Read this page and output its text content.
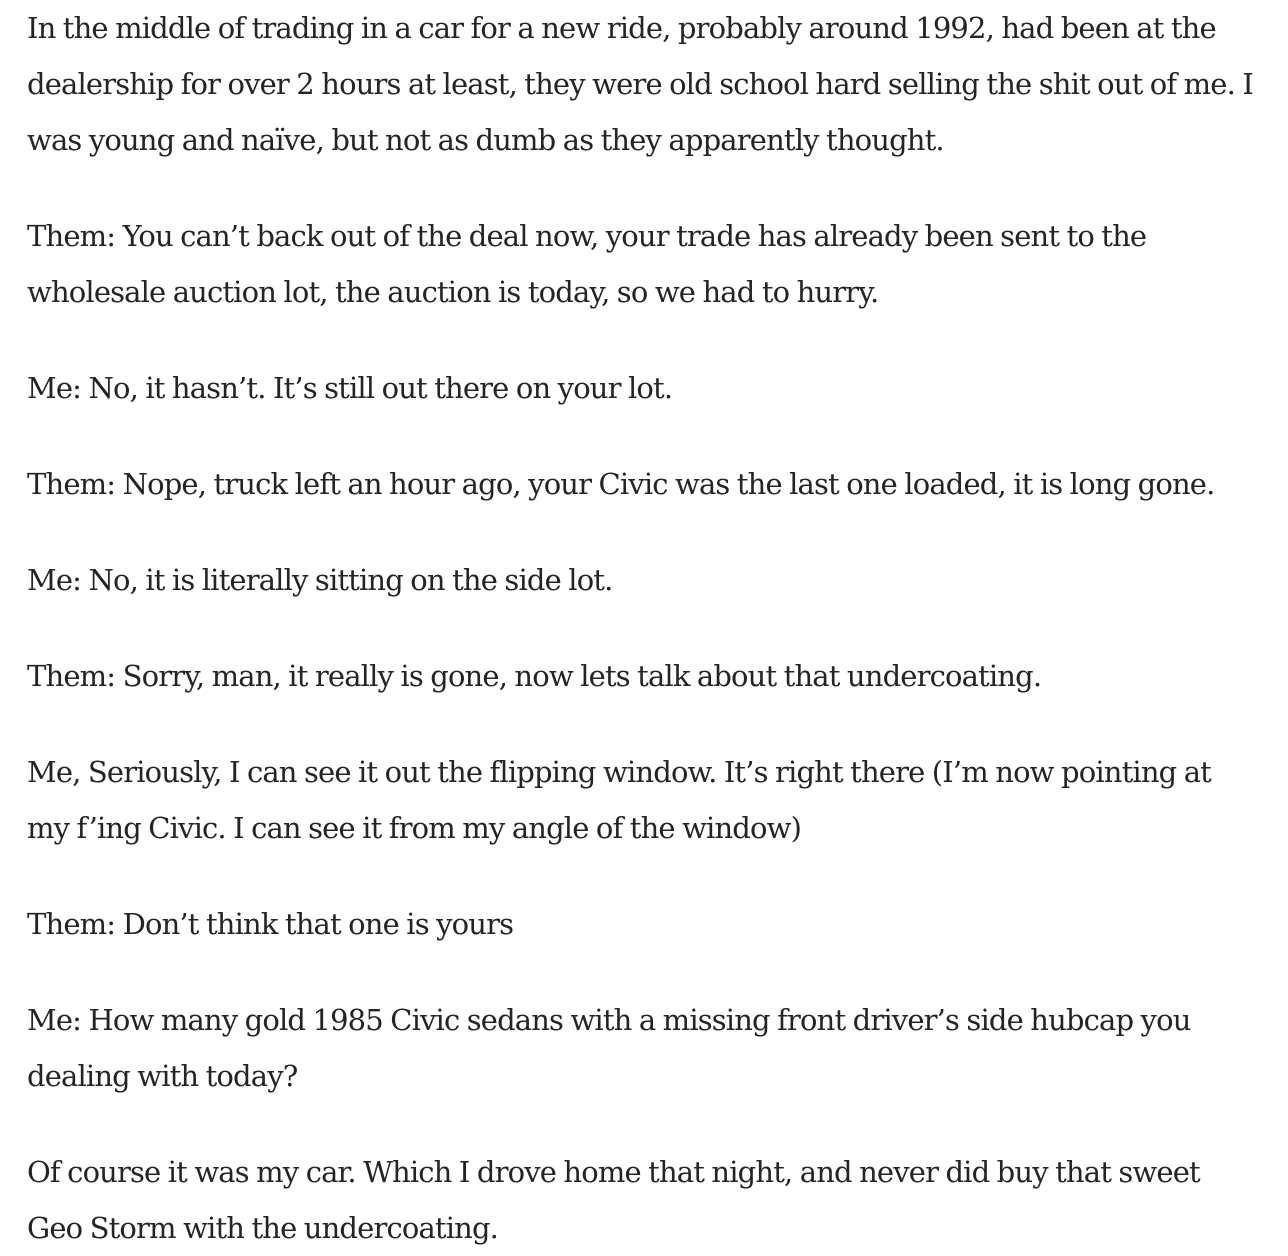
In the middle of trading in a car for a new ride, probably around 1992, had been at the
dealership for over 2 hours at least, they were old school hard selling the shit out of me. I
was young and naïve, but not as dumb as they apparently thought.

Them: You can’t back out of the deal now, your trade has already been sent to the
wholesale auction lot, the auction is today, so we had to hurry.

Me: No, it hasn’t. It’s still out there on your lot.

Them: Nope, truck left an hour ago, your Civic was the last one loaded, it is long gone.

Me: No, it is literally sitting on the side lot.

Them: Sorry, man, it really is gone, now lets talk about that undercoating.

Me, Seriously, I can see it out the flipping window. It’s right there (I’m now pointing at
my f’ing Civic. I can see it from my angle of the window)

Them: Don’t think that one is yours

Me: How many gold 1985 Civic sedans with a missing front driver’s side hubcap you
dealing with today?

Of course it was my car. Which I drove home that night, and never did buy that sweet
Geo Storm with the undercoating.
